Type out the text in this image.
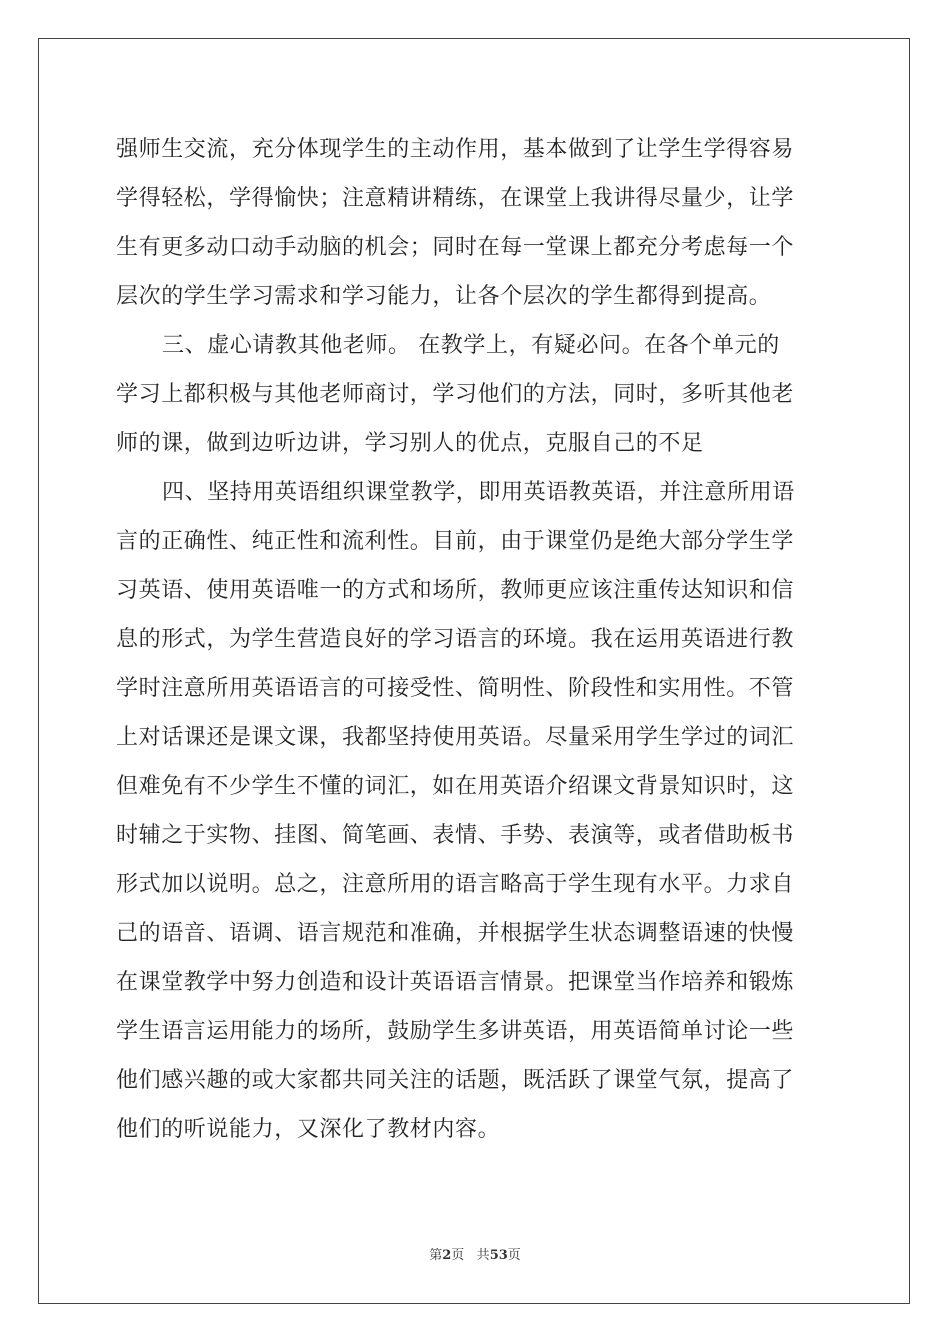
强师生交流，充分体现学生的主动作用，基本做到了让学生学得容易
学得轻松，学得愉快；注意精讲精练，在课堂上我讲得尽量少，让学
生有更多动口动手动脑的机会；同时在每一堂课上都充分考虑每一个
层次的学生学习需求和学习能力，让各个层次的学生都得到提高。
三、虚心请教其他老师。 在教学上，有疑必问。在各个单元的
学习上都积极与其他老师商讨，学习他们的方法，同时，多听其他老
师的课，做到边听边讲，学习别人的优点，克服自己的不足
四、坚持用英语组织课堂教学，即用英语教英语，并注意所用语
言的正确性、纯正性和流利性。目前，由于课堂仍是绝大部分学生学
习英语、使用英语唯一的方式和场所，教师更应该注重传达知识和信
息的形式，为学生营造良好的学习语言的环境。我在运用英语进行教
学时注意所用英语语言的可接受性、简明性、阶段性和实用性。不管
上对话课还是课文课，我都坚持使用英语。尽量采用学生学过的词汇
但难免有不少学生不懂的词汇，如在用英语介绍课文背景知识时，这
时辅之于实物、挂图、简笔画、表情、手势、表演等，或者借助板书
形式加以说明。总之，注意所用的语言略高于学生现有水平。力求自
己的语音、语调、语言规范和准确，并根据学生状态调整语速的快慢
在课堂教学中努力创造和设计英语语言情景。把课堂当作培养和锻炼
学生语言运用能力的场所，鼓励学生多讲英语，用英语简单讨论一些
他们感兴趣的或大家都共同关注的话题，既活跃了课堂气氛，提高了
他们的听说能力，又深化了教材内容。
第2页 共53页
